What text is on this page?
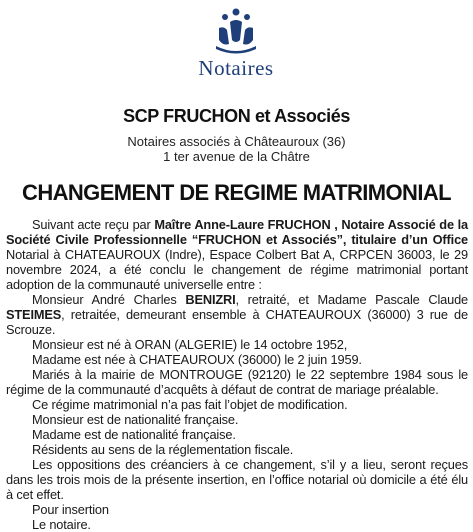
Notaires
SCP FRUCHON et Associés
Notaires associés à Châteauroux (36)
1 ter avenue de la Châtre
CHANGEMENT DE REGIME MATRIMONIAL

Suivant acte reçu par Maître Anne-Laure FRUCHON , Notaire Associé de la Société Civile Professionnelle “FRUCHON et Associés”, titulaire d’un Office Notarial à CHATEAUROUX (Indre), Espace Colbert Bat A, CRPCEN 36003, le 29 novembre 2024, a été conclu le changement de régime matrimonial portant adoption de la communauté universelle entre :

Monsieur André Charles BENIZRI, retraité, et Madame Pascale Claude STEIMES, retraitée, demeurant ensemble à CHATEAUROUX (36000) 3 rue de Scrouze.

Monsieur est né à ORAN (ALGERIE) le 14 octobre 1952,

Madame est née à CHATEAUROUX (36000) le 2 juin 1959.

Mariés à la mairie de MONTROUGE (92120) le 22 septembre 1984 sous le régime de la communauté d’acquêts à défaut de contrat de mariage préalable.

Ce régime matrimonial n’a pas fait l’objet de modification.

Monsieur est de nationalité française.

Madame est de nationalité française.

Résidents au sens de la réglementation fiscale.

Les oppositions des créanciers à ce changement, s’il y a lieu, seront reçues dans les trois mois de la présente insertion, en l’office notarial où domicile a été élu à cet effet.

Pour insertion

Le notaire.
